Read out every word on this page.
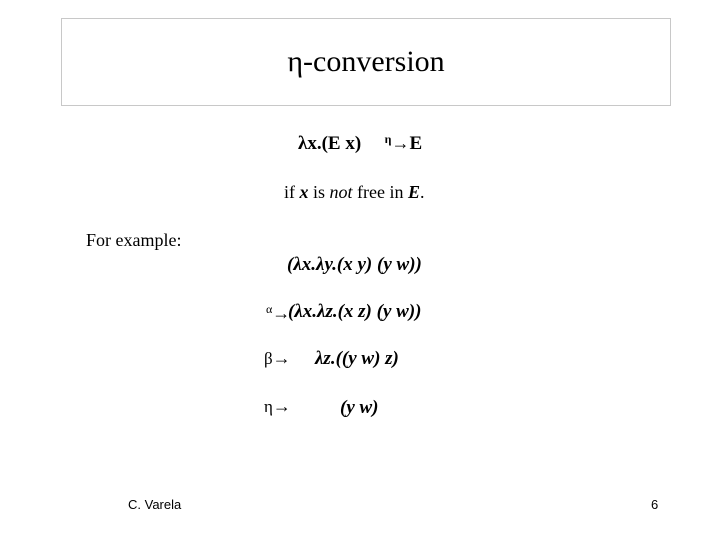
η-conversion
λx.(E x) $^\eta$→E
if x is not free in E.
For example:
(λx.λy.(x y) (y w))
$^\alpha$→
(λx.λz.(x z) (y w))
β→ λz.((y w) z)
η→	(y w)
C. Varela	6
